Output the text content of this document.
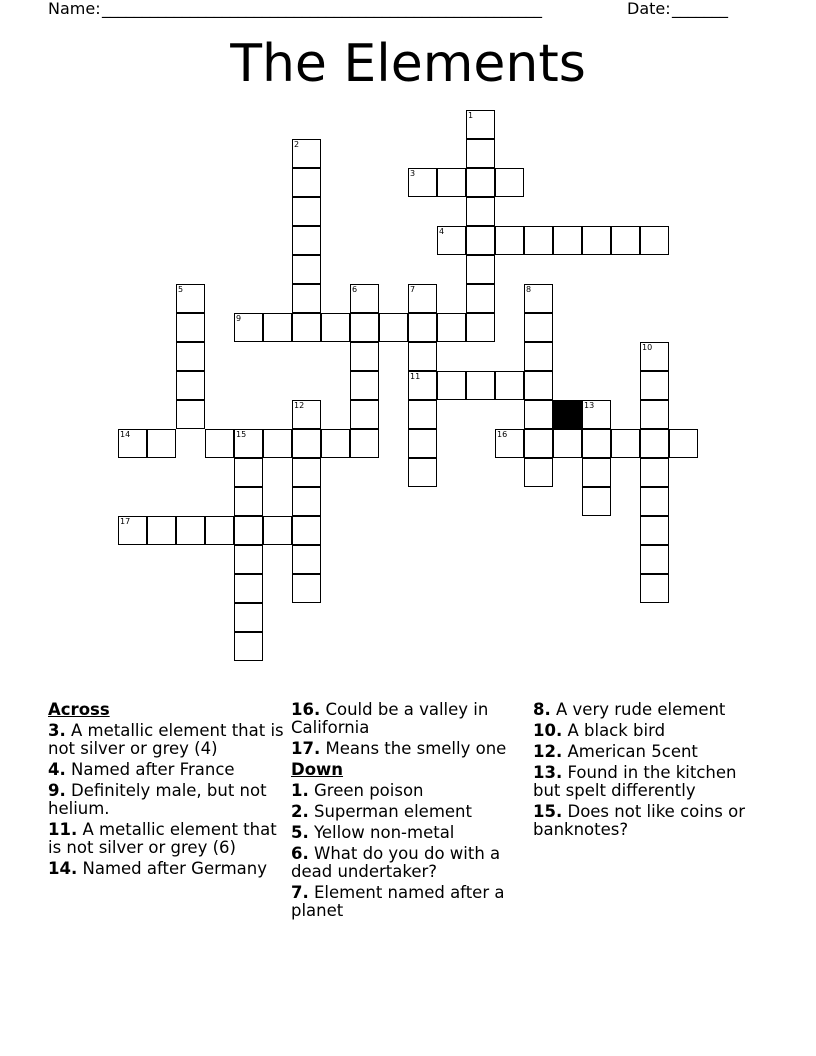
Name: _______________________________________________________	Date: _______
The Elements
1
2
3
4
5	6	7
11
8
9
10
12	13
14	15	16
17
Across
3. A metallic element that is not silver or grey (4)
4. Named after France
9. Definitely male, but not helium.
11. A metallic element that is not silver or grey (6)
14. Named after Germany
16. Could be a valley in California
17. Means the smelly one
Down
1. Green poison
2. Superman element
5. Yellow non-metal
6. What do you do with a dead undertaker?
7. Element named after a planet
8. A very rude element
10. A black bird
12. American 5cent
13. Found in the kitchen but spelt differently
15. Does not like coins or banknotes?
